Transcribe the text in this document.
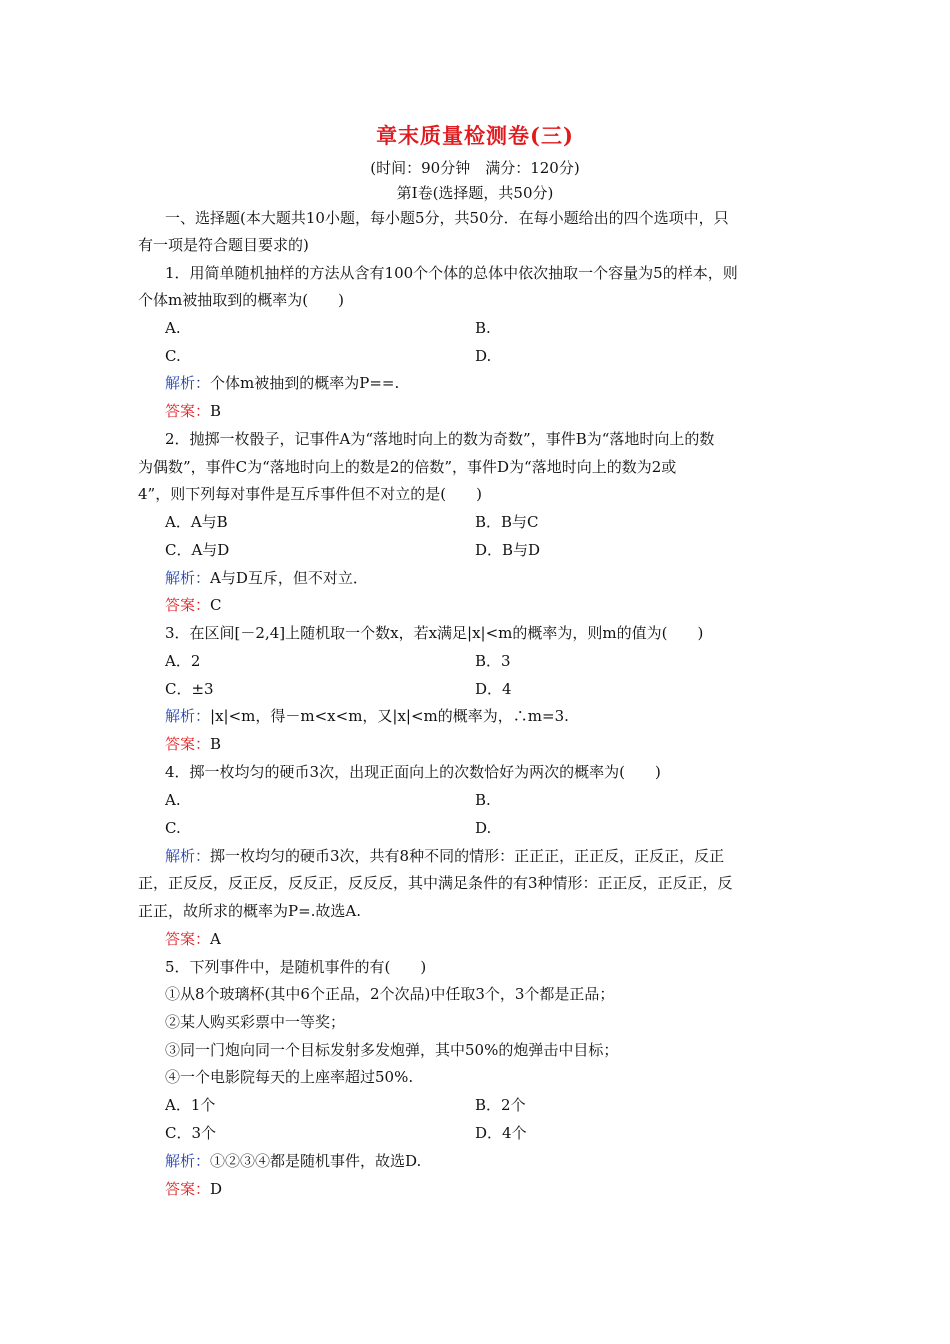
章末质量检测卷(三)
(时间：90分钟　满分：120分)
第Ⅰ卷(选择题，共50分)
一、选择题(本大题共10小题，每小题5分，共50分．在每小题给出的四个选项中，只
有一项是符合题目要求的)
1．用简单随机抽样的方法从含有100个个体的总体中依次抽取一个容量为5的样本，则
个体m被抽取到的概率为(　　)
A.	B.
C.	D.
解析：个体m被抽到的概率为P==.
答案：B
2．抛掷一枚骰子，记事件A为“落地时向上的数为奇数”，事件B为“落地时向上的数
为偶数”，事件C为“落地时向上的数是2的倍数”，事件D为“落地时向上的数为2或
4”，则下列每对事件是互斥事件但不对立的是(　　)
A．A与B	B．B与C
C．A与D	D．B与D
解析：A与D互斥，但不对立．
答案：C
3．在区间[－2,4]上随机取一个数x，若x满足|x|<m的概率为，则m的值为(　　)
A．2	B．3
C．±3	D．4
解析：|x|<m，得－m<x<m，又|x|<m的概率为，∴m=3.
答案：B
4．掷一枚均匀的硬币3次，出现正面向上的次数恰好为两次的概率为(　　)
A.	B.
C.	D.
解析：掷一枚均匀的硬币3次，共有8种不同的情形：正正正，正正反，正反正，反正
正，正反反，反正反，反反正，反反反，其中满足条件的有3种情形：正正反，正反正，反
正正，故所求的概率为P=.故选A.
答案：A
5．下列事件中，是随机事件的有(　　)
①从8个玻璃杯(其中6个正品，2个次品)中任取3个，3个都是正品；
②某人购买彩票中一等奖；
③同一门炮向同一个目标发射多发炮弹，其中50%的炮弹击中目标；
④一个电影院每天的上座率超过50%.
A．1个	B．2个
C．3个	D．4个
解析：①②③④都是随机事件，故选D.
答案：D
